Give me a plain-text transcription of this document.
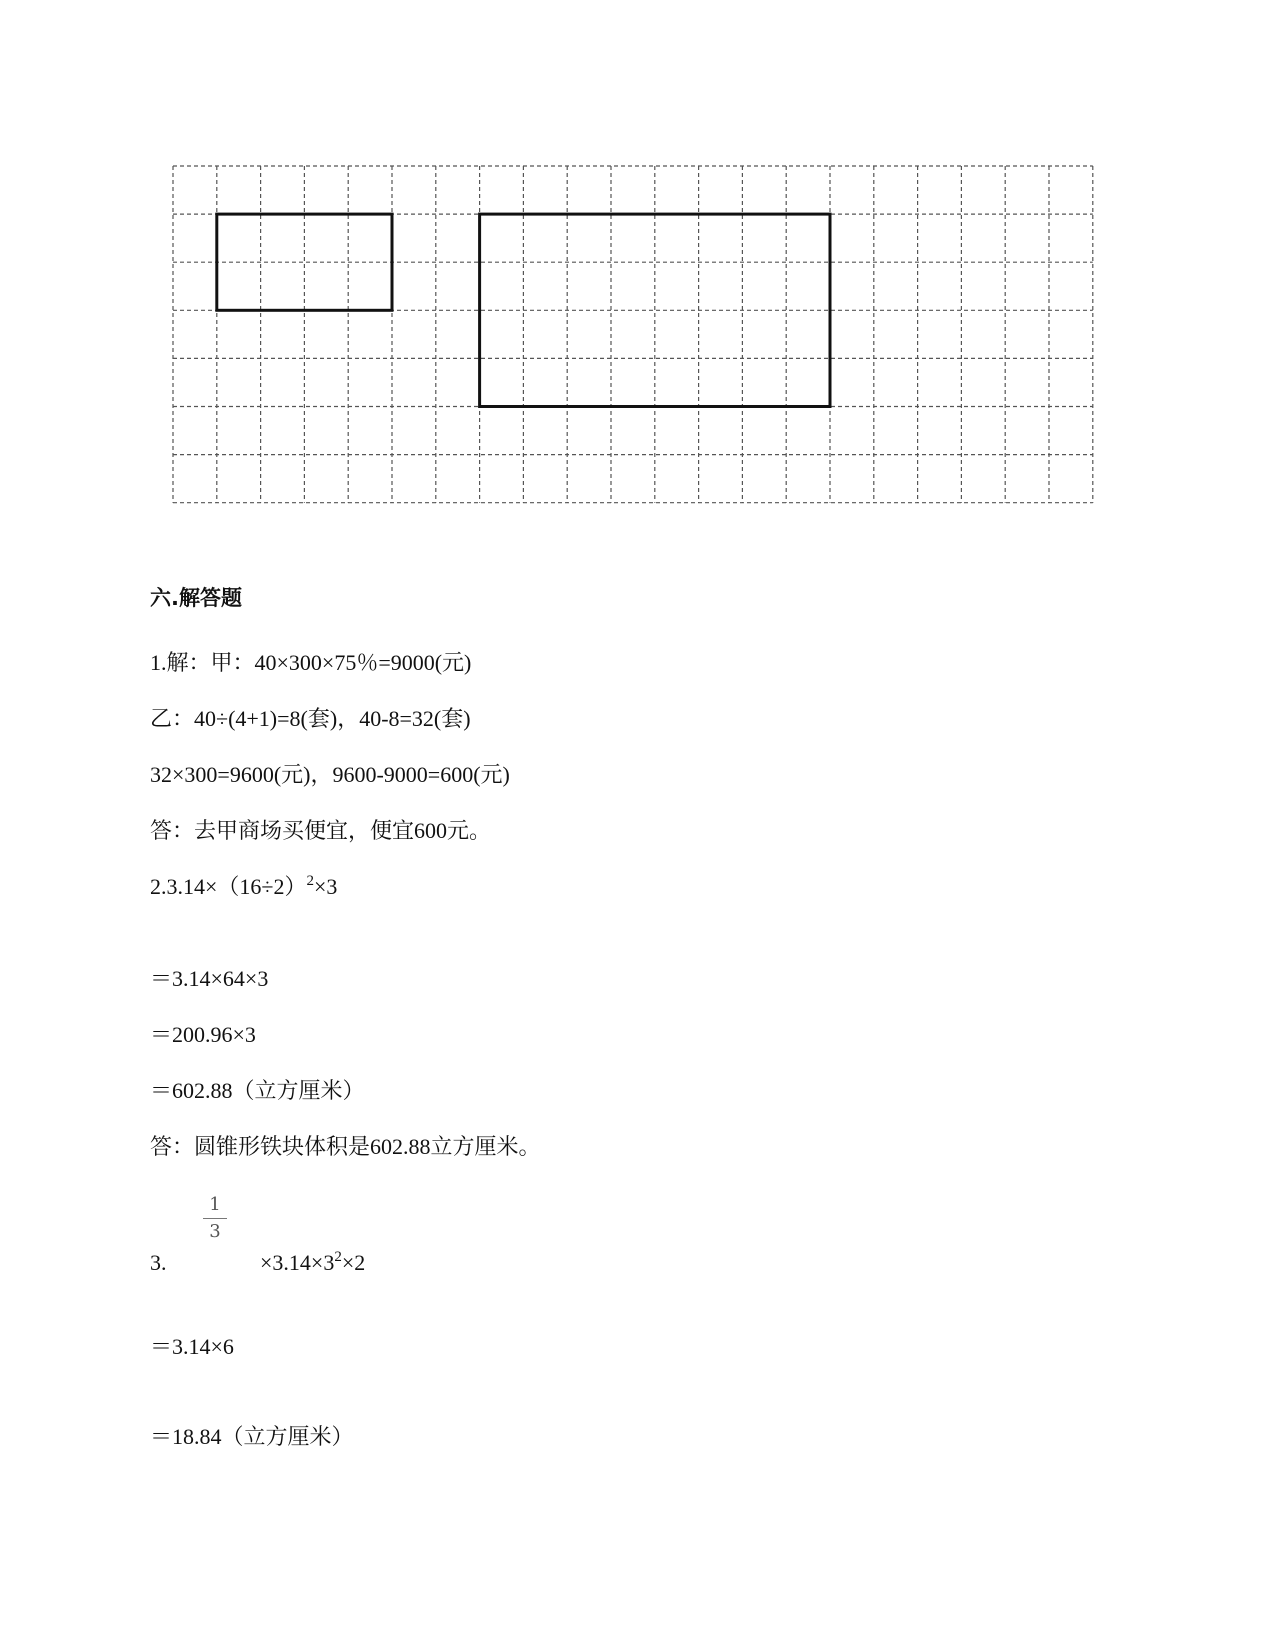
六.解答题
1.解：甲：40×300×75％=9000(元)
乙：40÷(4+1)=8(套)，40-8=32(套)
32×300=9600(元)，9600-9000=600(元)
答：去甲商场买便宜，便宜600元。
$2.3.14\times(16\div 2)^2\times 3$
＝3.14×64×3
＝200.96×3
＝602.88（立方厘米）
答：圆锥形铁块体积是602.88立方厘米。
1
3
3.	$\times 3.14\times 3^2\times 2$
＝3.14×6
＝18.84（立方厘米）
